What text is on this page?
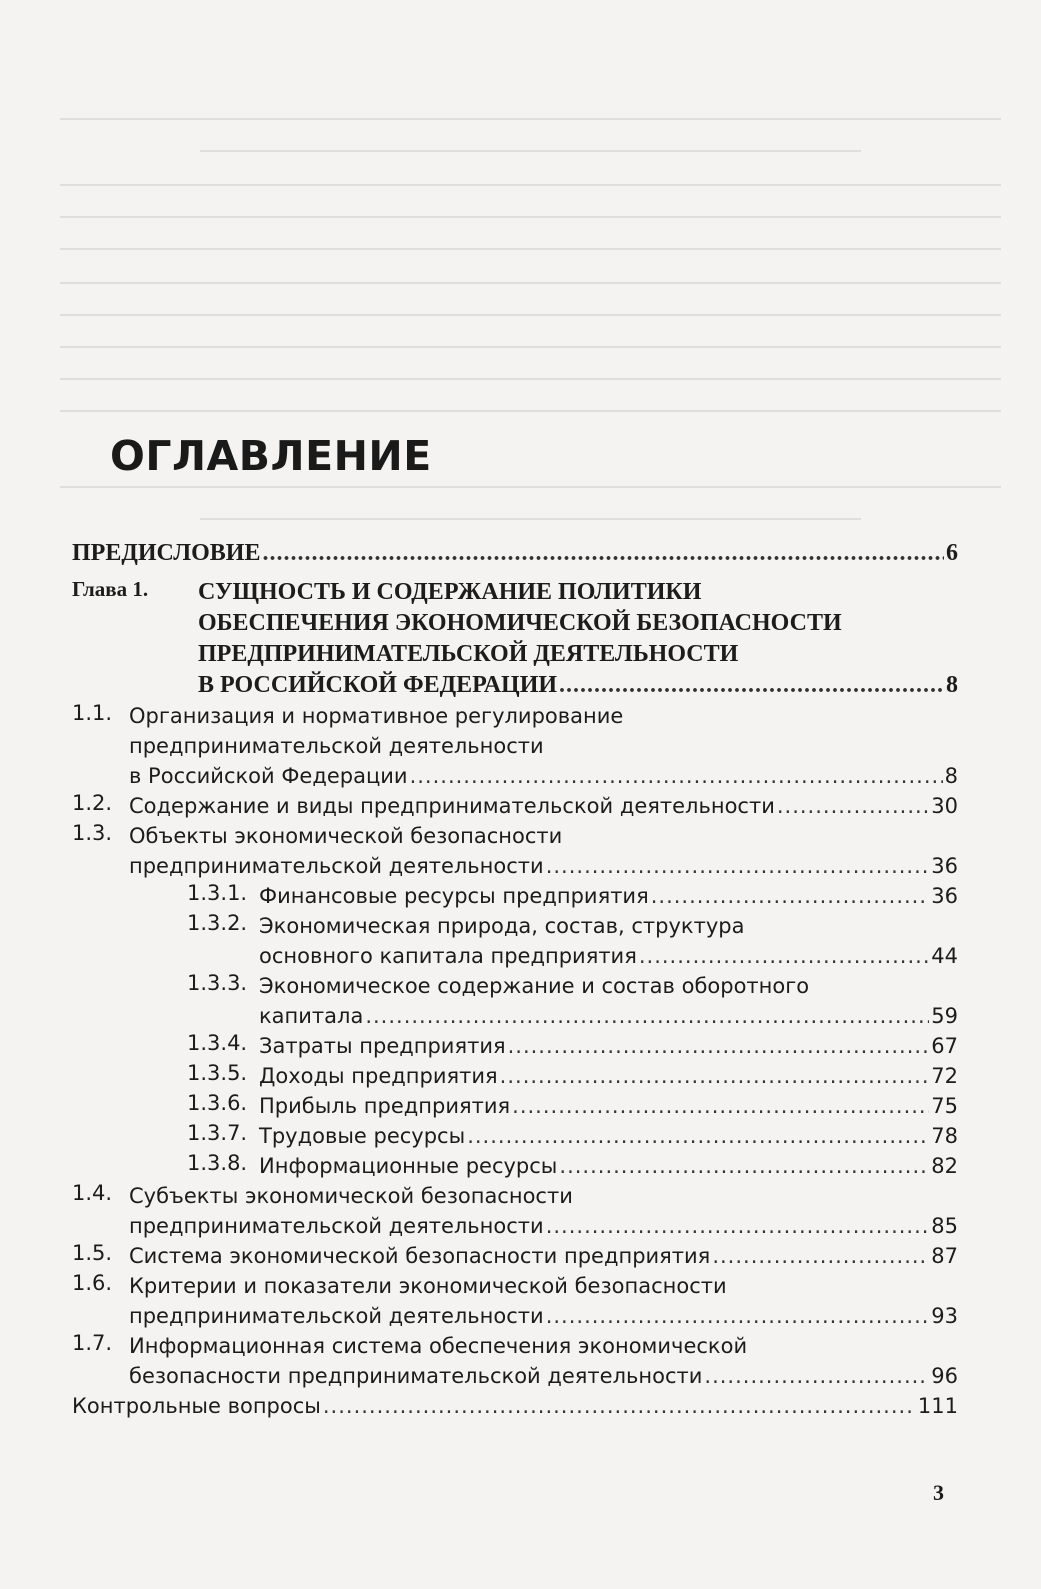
ОГЛАВЛЕНИЕ
ПРЕДИСЛОВИЕ .....	6
Глава 1.	СУЩНОСТЬ И СОДЕРЖАНИЕ ПОЛИТИКИ
ОБЕСПЕЧЕНИЯ ЭКОНОМИЧЕСКОЙ БЕЗОПАСНОСТИ
ПРЕДПРИНИМАТЕЛЬСКОЙ ДЕЯТЕЛЬНОСТИ
В РОССИЙСКОЙ ФЕДЕРАЦИИ .....	8
1.1. Организация и нормативное регулирование
предпринимательской деятельности
в Российской Федерации .....	8
1.2. Содержание и виды предпринимательской деятельности .....	30
1.3. Объекты экономической безопасности
предпринимательской деятельности .....	36
1.3.1. Финансовые ресурсы предприятия .....	36
1.3.2. Экономическая природа, состав, структура
основного капитала предприятия .....	44
1.3.3. Экономическое содержание и состав оборотного
капитала .....	59
1.3.4. Затраты предприятия .....	67
1.3.5. Доходы предприятия .....	72
1.3.6. Прибыль предприятия .....	75
1.3.7. Трудовые ресурсы .....	78
1.3.8. Информационные ресурсы .....	82
1.4. Субъекты экономической безопасности
предпринимательской деятельности .....	85
1.5. Система экономической безопасности предприятия .....	87
1.6. Критерии и показатели экономической безопасности
предпринимательской деятельности .....	93
1.7. Информационная система обеспечения экономической
безопасности предпринимательской деятельности .....	96
Контрольные вопросы .....	111
3
